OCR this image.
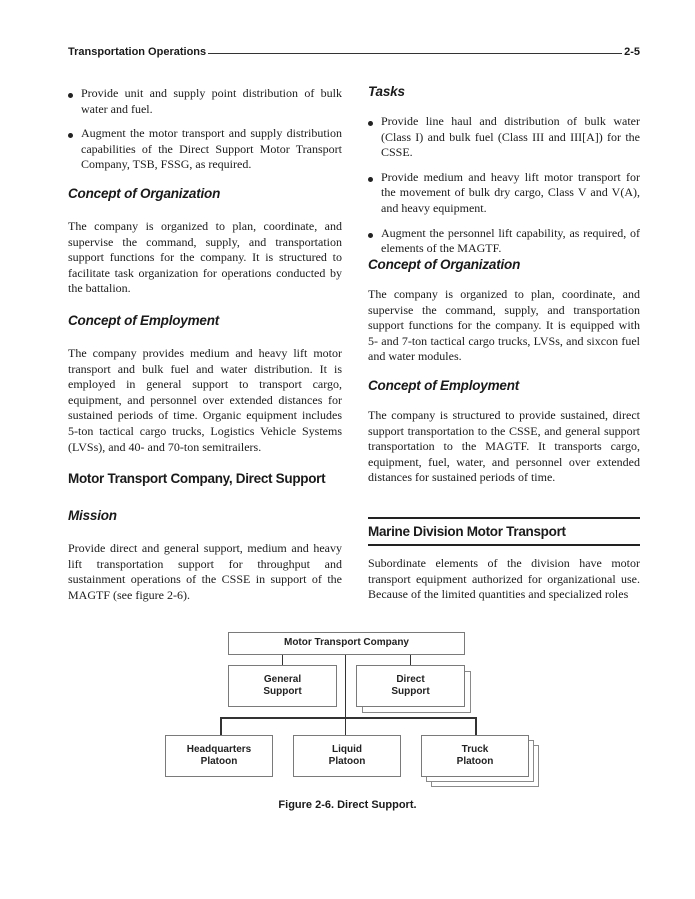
Transportation Operations	2-5
Provide unit and supply point distribution of bulk water and fuel.
Augment the motor transport and supply distribution capabilities of the Direct Support Motor Transport Company, TSB, FSSG, as required.
Concept of Organization

The company is organized to plan, coordinate, and supervise the command, supply, and transportation support functions for the company. It is structured to facilitate task organization for operations conducted by the battalion.

Concept of Employment

The company provides medium and heavy lift motor transport and bulk fuel and water distribution. It is employed in general support to transport cargo, equipment, and personnel over extended distances for sustained periods of time. Organic equipment includes 5-ton tactical cargo trucks, Logistics Vehicle Systems (LVSs), and 40- and 70-ton semitrailers.

Motor Transport Company, Direct Support
Mission

Provide direct and general support, medium and heavy lift transportation support for throughput and sustainment operations of the CSSE in support of the MAGTF (see figure 2-6).

Tasks
Provide line haul and distribution of bulk water (Class I) and bulk fuel (Class III and III[A]) for the CSSE.
Provide medium and heavy lift motor transport for the movement of bulk dry cargo, Class V and V(A), and heavy equipment.
Augment the personnel lift capability, as required, of elements of the MAGTF.
Concept of Organization

The company is organized to plan, coordinate, and supervise the command, supply, and transportation support functions for the company. It is equipped with 5- and 7-ton tactical cargo trucks, LVSs, and sixcon fuel and water modules.

Concept of Employment

The company is structured to provide sustained, direct support transportation to the CSSE, and general support transportation to the MAGTF. It transports cargo, equipment, fuel, water, and personnel over extended distances for sustained periods of time.

Marine Division Motor Transport

Subordinate elements of the division have motor transport equipment authorized for organizational use. Because of the limited quantities and specialized roles

Motor Transport Company
General
Support
Direct
Support
Headquarters
Platoon
Liquid
Platoon
Truck
Platoon
Figure 2-6. Direct Support.
